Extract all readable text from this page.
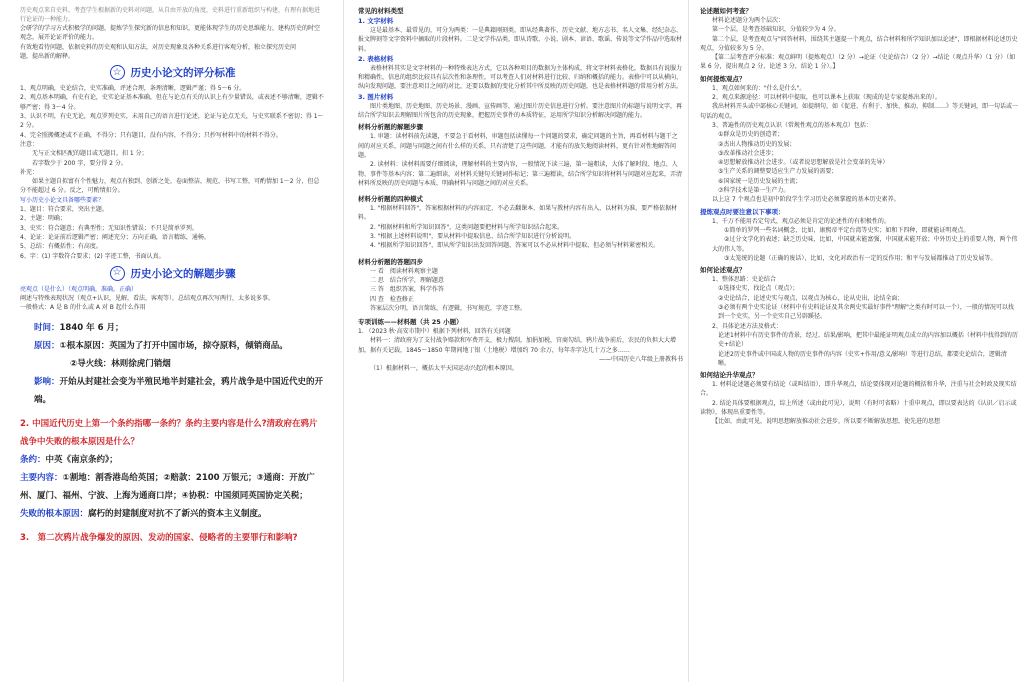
历史观点来自史料，考查学生根据新的史料对问题，从自由开放的角度，史料进行重新组织与构建，有理有据地进行论证的一种能力。

会研学的学习方式积极学的问题，提炼学生探究新的信息和知识，更能体现学生的历史思维能力，建构历史的时空观念，展开论证评价的能力。

有效地看待问题，依据史料的历史观和认知方法，对历史现象及各种关系进行客观分析，独立探究历史问

题，提出新的解释。

☆ 历史小论文的评分标准

1、观点明确，史论结合，史实准确，评述合理，条理清晰，逻辑严谨；得 5～6 分。

2、观点基本明确，有史有论，史实论证基本准确，但在与论点有关的认识上有少量错误，或表述不够清晰，逻辑不够严密；得 3～4 分。

3、认识不明，有史无论，观点罗列史实，未用自己的语言进行论述，论证与论点无关，与史实联系不密切；得 1～2 分。

4、完全照搬概述或不正确，不得分；只有题目，没有内容，不得分；只抄写材料中的材料不得分。

注意：

无与正文相匹配的题目或无题目，扣 1 分；

若字数少于 200 字，要分得 2 分。

补充：

如果主题自拟富有个性魅力，观点有独到、创新之处，卷面整洁，规范，书写工整，可酌情加 1～2 分，但总分不能超过 6 分。反之，可酌情扣分。

写小历史小论文具备哪些要素？

1、题目：符合要求，突出主题。

2、主题：明确；

3、史实：符合题意；有典型性；无知识性错误；不只是简单罗列。

4、论证：论证前后逻辑严密；阐述充分；方向正确，语言精练，通畅。

5、总结：有概括性；有高度。

6、字：(1) 字数符合要求；(2) 字迹工整，书面认真。

☆ 历史小论文的解题步骤

亮观点（是什么）（观点明确，准确，正确）

阐述与特殊表现状况（观点+认识，见解，看法，客观等），总结观点再次写两行，太多说多事。

一般格式：A 是 B 的什么或 A 对 B 起什么作用

时间：1840 年 6 月；

原因：①根本原因：英国为了打开中国市场，掠夺原料，倾销商品。

②导火线：林则徐虎门销烟

影响：开始从封建社会变为半殖民地半封建社会，鸦片战争是中国近代史的开端。

2. 中国近代历史上第一个条约指哪一条约？条约主要内容是什么?清政府在鸦片战争中失败的根本原因是什么？

条约：中英《南京条约》；

主要内容：①割地：割香港岛给英国；②赔款：2100 万银元；③通商：开放广州、厦门、福州、宁波、上海为通商口岸；④协税：中国须同英国协定关税；

失败的根本原因：腐朽的封建制度对抗不了新兴的资本主义制度。

3.　第二次鸦片战争爆发的原因、发动的国家、侵略者的主要罪行和影响?

常见的材料类型

1. 文字材料

这是最基本、最常见的，可分为两类：一是典籍刚刻类，即从经典著作、历史文献、地方志书、名人文集、经纪杂志、报文牌刻等文字资料中摘取的片段材料。二是文学作品类，即从诗歌、小说、剧本、谚语、歌谣、传说等文学作品中选取材料。

2. 表格材料

表格材料其实是文字材料的一种特殊表达方式，它以各种项目的数据为主体构成，将文字材料表格化，数据具有说服力和精确性，信息的组织比较具有层次性和条理性，可以考查人们对材料进行比较、归纳和概括的能力。表格中可以从横向、纵向发现问题，要注意项目之间的对比，还要以数据的变化分析其中所反映的历史问题，也是表格材料题的常用分析方法。

3. 图片材料

图片类地图、历史地图、历史场景、漫画、宣传画等，通过图片历史信息进行分析。要注意图片的标题与说明文字，再结合所学知识去理解图片所包含的历史现象，把握历史事件的本质特征，运用所学知识分析解决问题的能力。

材料分析题的解题步骤

1. 审题：读材料前先读题，不要急于看材料，审题包括读懂每一个问题的要求，确定问题的主旨，再看材料与题干之间的对应关系，问题与问题之间有什么样的关系，只有清楚了这些问题，才能有的放矢地阅读材料，更有针对性地解答问题。

2. 读材料：读材料需要仔细阅读，理解材料的主要内容，一般情况下读三遍，第一遍粗读，大体了解时段、地点、人物、事件等基本内容；第二遍细读，对材料关键句关键词作标记；第三遍精读，结合所学知识将材料与问题对应起来，弄清材料所反映的历史问题与本质，明确材料与问题之间的对应关系。

材料分析题的四种模式

1. "根据材料回答"，答案根据材料的内容而定，不必去翻课本，如果与教材内容有出入，以材料为准，要严格依据材料。

2. "根据材料和所学知识回答"，这类问题要把材料与所学知识结合起来。

3. "根据上述材料说明"，要从材料中提取信息，结合所学知识进行分析说明。

4. "根据所学知识回答"，即从所学知识出发回答问题，答案可以不必从材料中提取，但必须与材料紧密相关。

材料分析题的答题四步

一 看　阅读材料观察主题

二 思　结合所学，理解题意

三 答　组织答案，科学作答

四 查　检查修正

答案层次分明，语言简练，有逻辑，书写规范，字迹工整。

专项训练——材料题（共 25 小题）

1. （2023 秋·高安市期中）根据下列材料，回答有关问题

材料一：清政府为了支付战争赔款和军费开支，极力搜刮，加捐加税，官商勾结，鸦片战争前后，农民的负担大大增加，据有关记载，1845～1850 年期间地丁银（土地税）增加约 70 余万，每年赤字达几十万之多……

——中国历史八年级上册教科书

（1）根据材料一，概括太平天国运动兴起的根本原因。

论述题如何考查？

材料论述题分为两个层次：

第一个层，是考查基础知识，分值较少为 4 分。

第二个层，是考查观点与"问答材料，围绕其主题提一个观点，结合材料和所学知识加以论述"，即根据材料论述历史观点，分值较多为 5 分。

【第二层考查评分标准：观点鲜明（提炼观点）（2 分）→论证（史论结合）（2 分）→结论（观点升华）（1 分）（如果 6 分，提出观点 2 分，论述 3 分，结论 1 分）。】

如何提炼观点？

1、观点如何来的："什么是什么"。

2、观点来源途径：可以材料中提取，也可以课本上获取（现成的是专家提炼出来的）。

我出材料开头或中部核心关键词，如提纲句，如《促进、有利于、加快、推动、抑制……》等关键词，即一句话或一句话的观点。

3、普遍性的历史观点认识（常规性观点的基本观点）包括：

①群众是历史的创造者；

②杰出人物推动历史的发展；

③改革推动社会进步；

④思想解放推动社会进步。（或者说思想解放是社会变革的先导）

⑤生产关系的调整要适应生产力发展的需要；

⑥国家统一是历史发展的主流；

⑦科学技术是第一生产力。

以上这 7 个观点也是初中阶段学生学习历史必须掌握的基本历史素养。

提炼观点时要注意以下事项：

1、千万不能用否定句式，观点必须是肯定的论述性的有积极性的。

①简单的罗列一些名词概念，比如，康熙帝平定台湾等史实；如和下四种，即就能证明观点。

②过分文学化的表述；缺乏历史味，比如，中国就未能富强，中国就未能开放；中外历史上的重要人物，两个伟大的伟人等。

③太笼统的论题（正确的废话），比如，文化对政治有一定的反作用；和平与发展都推动了历史发展等。

如何论述观点？

1、整体思路：史论结合

①选择史实，找论点（观点）；

②史论结合，论述史实与观点，以观点为核心，论从史出，论结全面；

③必须有两个史实论证（材料中有史料论证及其余两史实最好事件"理解"之类有时可以一个），一般的情况可以找到一个史实，另一个史实自己另辟蹊径。

2、具体论述方法及格式：

论述1材料中有历史事件的背景，经过、结果/影响，把其中最能证明观点成立的内容加以概括（材料中找得到的历史+结论）

论述2历史事件或中国或人物的历史事件的内容（史实+作用/意义/影响）等进行总结，都要史论结合，逻辑清晰。

如何结论升华观点？

1. 材料论述题必须要有结论（或叫结语），即升华观点，结论要体现对论题的概括和升华，注重与社会时政及现实结合。

2. 结论具体要根据观点，综上所述（或由此可见），说明（有时可省略）十重申观点，即以要表达的《认识／启示或读物》，体现出重要性等。

【比如，由此可见，说明思想解放推动社会进步，所以要不断解放思想，使先进的思想
